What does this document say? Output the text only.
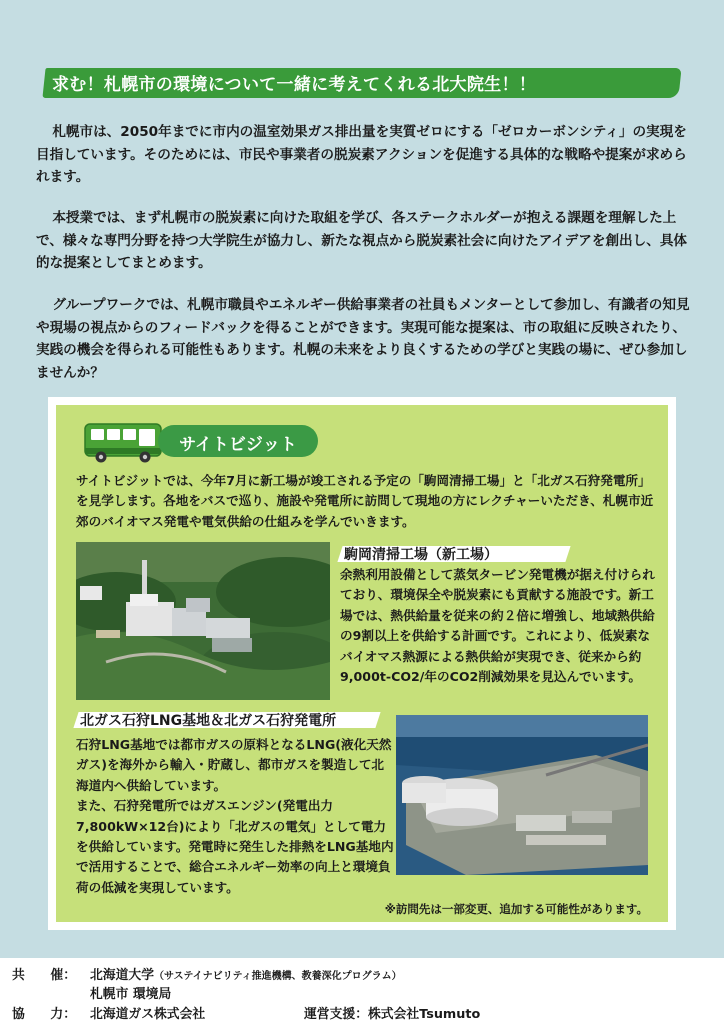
求む！札幌市の環境について一緒に考えてくれる北大院生！！

札幌市は、2050年までに市内の温室効果ガス排出量を実質ゼロにする「ゼロカーボンシティ」の実現を目指しています。そのためには、市民や事業者の脱炭素アクションを促進する具体的な戦略や提案が求められます。

本授業では、まず札幌市の脱炭素に向けた取組を学び、各ステークホルダーが抱える課題を理解した上で、様々な専門分野を持つ大学院生が協力し、新たな視点から脱炭素社会に向けたアイデアを創出し、具体的な提案としてまとめます。

グループワークでは、札幌市職員やエネルギー供給事業者の社員もメンターとして参加し、有識者の知見や現場の視点からのフィードバックを得ることができます。実現可能な提案は、市の取組に反映されたり、実践の機会を得られる可能性もあります。札幌の未来をより良くするための学びと実践の場に、ぜひ参加しませんか？

サイトビジット

サイトビジットでは、今年7月に新工場が竣工される予定の「駒岡清掃工場」と「北ガス石狩発電所」を見学します。各地をバスで巡り、施設や発電所に訪問して現地の方にレクチャーいただき、札幌市近郊のバイオマス発電や電気供給の仕組みを学んでいきます。

駒岡清掃工場（新工場）

余熱利用設備として蒸気タービン発電機が据え付けられており、環境保全や脱炭素にも貢献する施設です。新工場では、熱供給量を従来の約２倍に増強し、地域熱供給の9割以上を供給する計画です。これにより、低炭素なバイオマス熱源による熱供給が実現でき、従来から約9,000t-CO2/年のCO2削減効果を見込んでいます。

北ガス石狩LNG基地＆北ガス石狩発電所

石狩LNG基地では都市ガスの原料となるLNG(液化天然ガス)を海外から輸入・貯蔵し、都市ガスを製造して北海道内へ供給しています。

また、石狩発電所ではガスエンジン(発電出力7,800kW×12台)により「北ガスの電気」として電力を供給しています。発電時に発生した排熱をLNG基地内で活用することで、総合エネルギー効率の向上と環境負荷の低減を実現しています。

※訪問先は一部変更、追加する可能性があります。
共　　催： 北海道大学（サステイナビリティ推進機構、教養深化プログラム）
札幌市 環境局
協　　力： 北海道ガス株式会社	運営支援：株式会社Tsumuto
